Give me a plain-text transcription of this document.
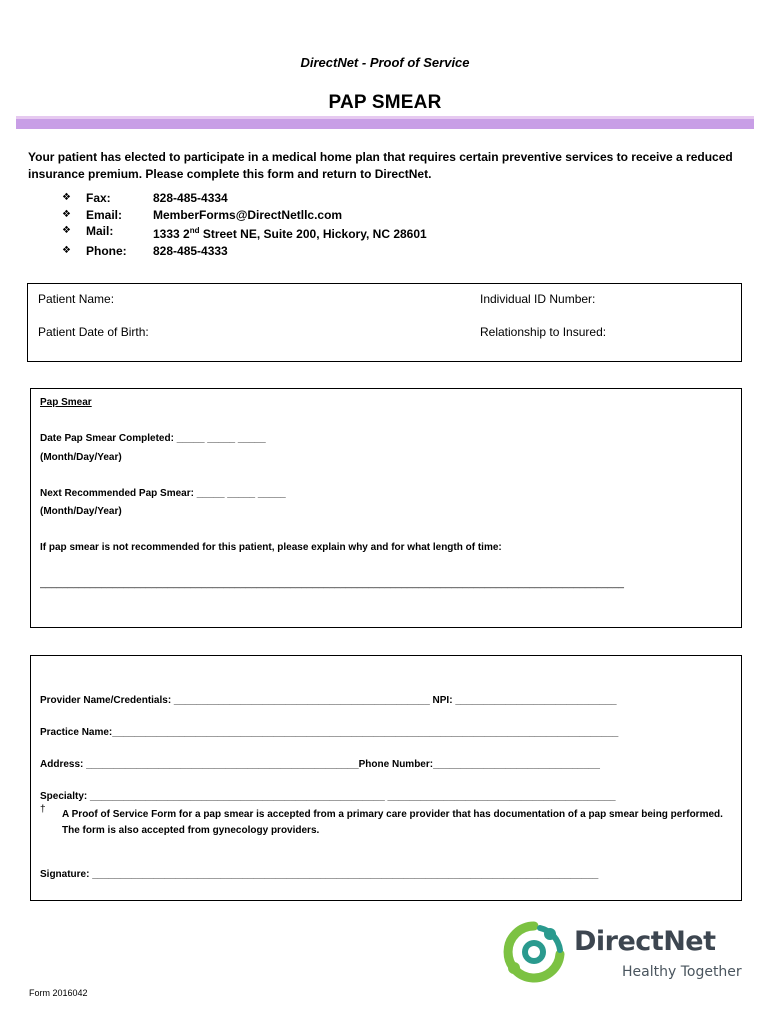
DirectNet - Proof of Service
PAP SMEAR
Your patient has elected to participate in a medical home plan that requires certain preventive services to receive a reduced insurance premium. Please complete this form and return to DirectNet.
❖	Fax:	828-485-4334
❖	Email:	MemberForms@DirectNetllc.com
❖	Mail:	1333 2nd Street NE, Suite 200, Hickory, NC 28601
❖	Phone:	828-485-4333
Patient Name:	Individual ID Number:
Patient Date of Birth:	Relationship to Insured:
Pap Smear
Date Pap Smear Completed: _____ _____ _____
(Month/Day/Year)
Next Recommended Pap Smear: _____ _____ _____
(Month/Day/Year)
If pap smear is not recommended for this patient, please explain why and for what length of time:
_________________________________________________________________________________________________________
Provider Name/Credentials: ______________________________________________ NPI: _____________________________
Practice Name:___________________________________________________________________________________________
Address: _________________________________________________Phone Number:______________________________
Specialty: _____________________________________________________ _________________________________________
† A Proof of Service Form for a pap smear is accepted from a primary care provider that has documentation of a pap smear being performed. The form is also accepted from gynecology providers.
Signature: ___________________________________________________________________________________________
DirectNet
Healthy Together
Form 2016042
